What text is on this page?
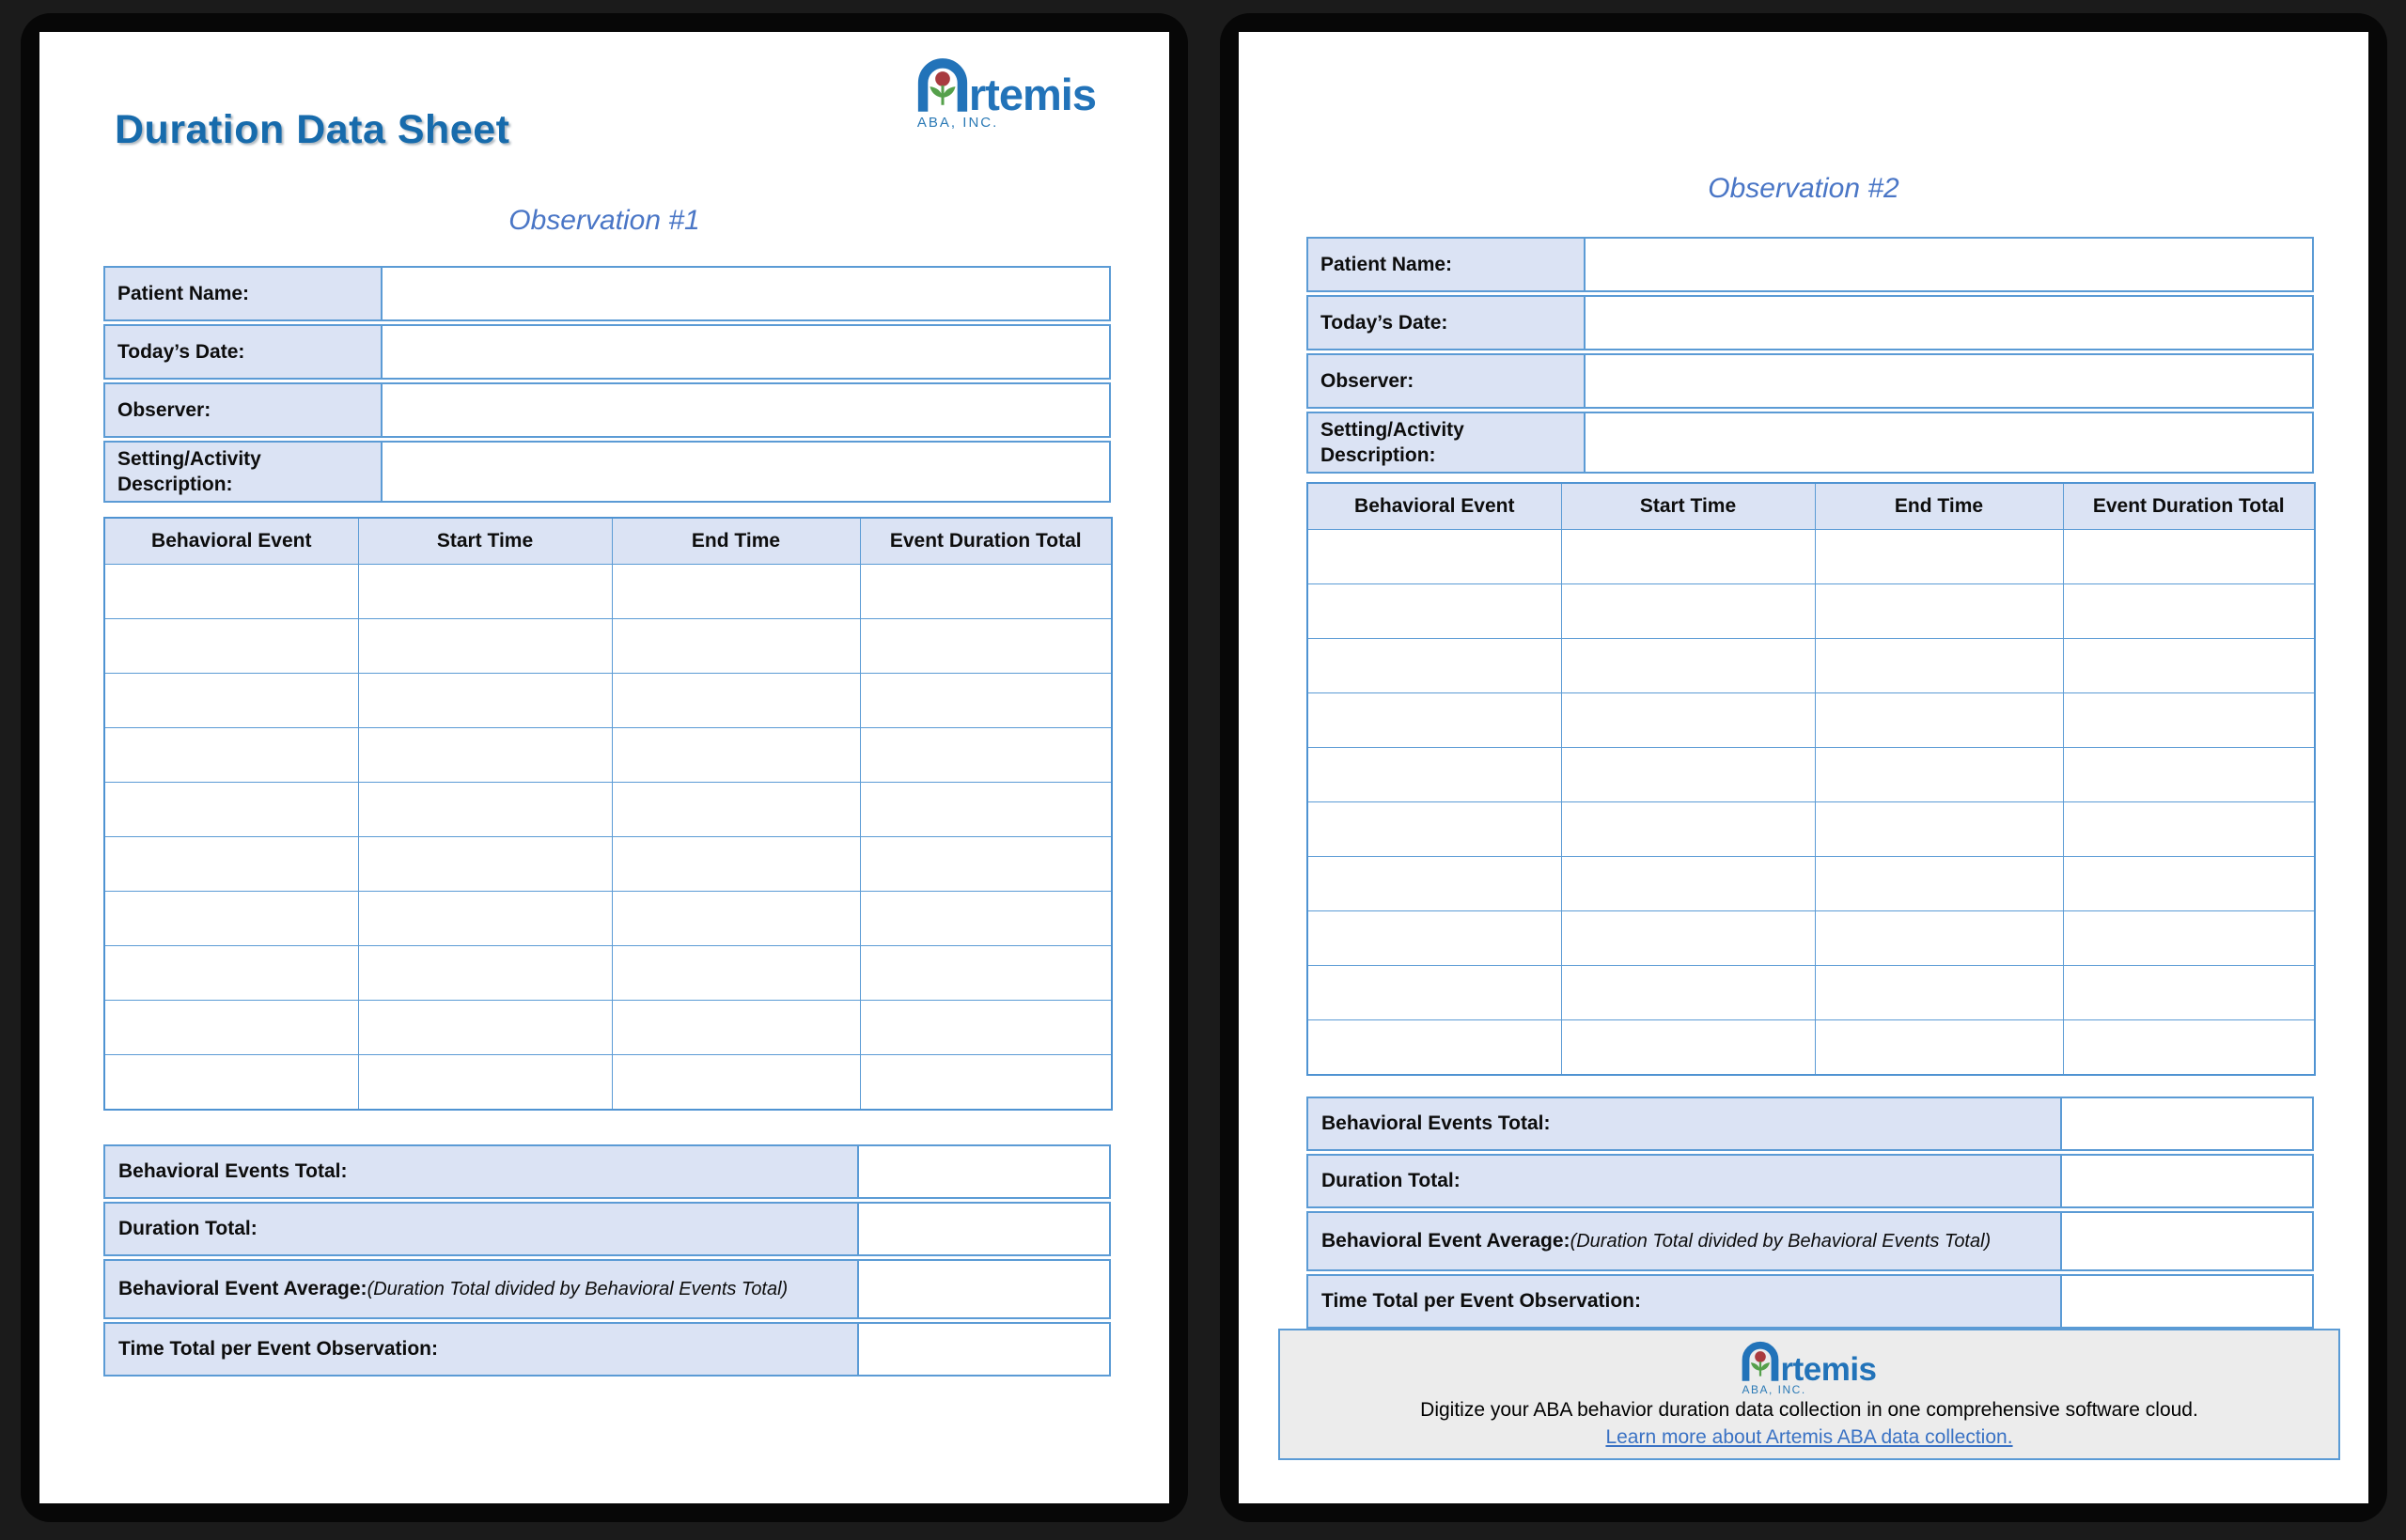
Duration Data Sheet
rtemis
ABA, INC.
Observation #1
Patient Name:
Today’s Date:
Observer:
Setting/Activity Description:
Behavioral Event	Start Time	End Time	Event Duration Total

Behavioral Events Total:
Duration Total:
Behavioral Event Average: (Duration Total divided by Behavioral Events Total)
Time Total per Event Observation:
Observation #2
Patient Name:
Today’s Date:
Observer:
Setting/Activity Description:
Behavioral Event	Start Time	End Time	Event Duration Total

Behavioral Events Total:
Duration Total:
Behavioral Event Average: (Duration Total divided by Behavioral Events Total)
Time Total per Event Observation:
rtemis
ABA, INC.
Digitize your ABA behavior duration data collection in one comprehensive software cloud.
Learn more about Artemis ABA data collection.
